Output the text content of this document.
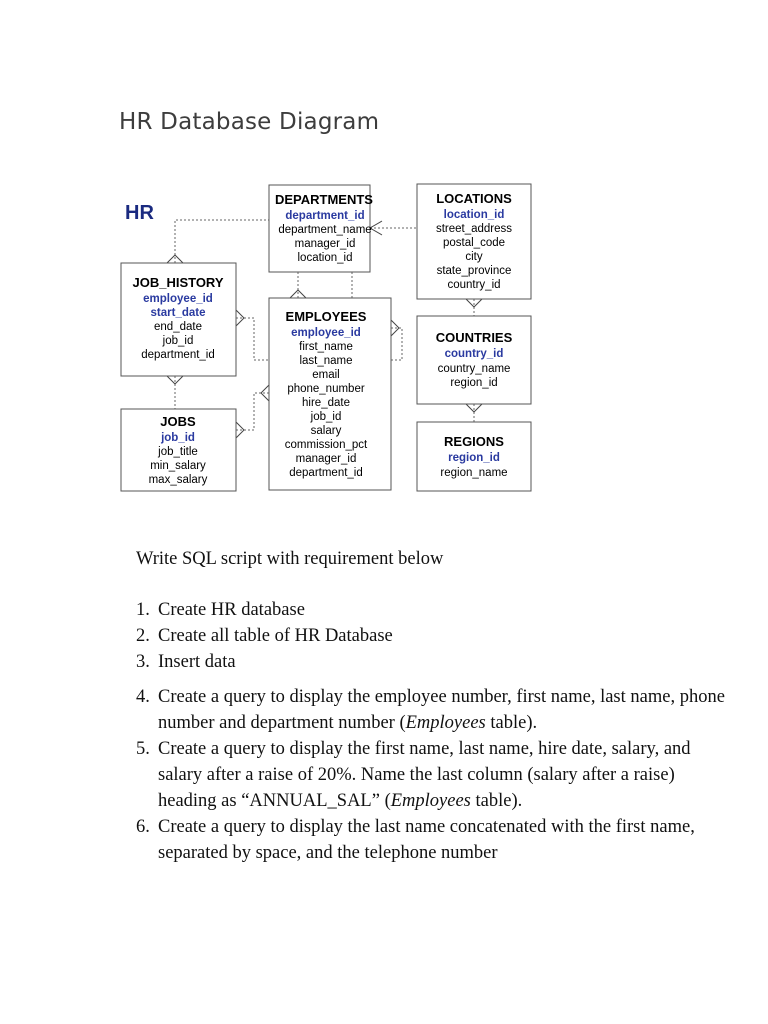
HR Database Diagram
HR
DEPARTMENTS
department_id
department_name
manager_id
location_id
LOCATIONS
location_id
street_address
postal_code
city
state_province
country_id
JOB_HISTORY
employee_id
start_date
end_date
job_id
department_id
EMPLOYEES
employee_id
first_name
last_name
email
phone_number
hire_date
job_id
salary
commission_pct
manager_id
department_id
COUNTRIES
country_id
country_name
region_id
JOBS
job_id
job_title
min_salary
max_salary
REGIONS
region_id
region_name
Write SQL script with requirement below
1. Create HR database
2. Create all table of HR Database
3. Insert data
4. Create a query to display the employee number, first name, last name, phone number and department number (Employees table).
5. Create a query to display the first name, last name, hire date, salary, and salary after a raise of 20%. Name the last column (salary after a raise) heading as “ANNUAL_SAL” (Employees table).
6. Create a query to display the last name concatenated with the first name, separated by space, and the telephone number
